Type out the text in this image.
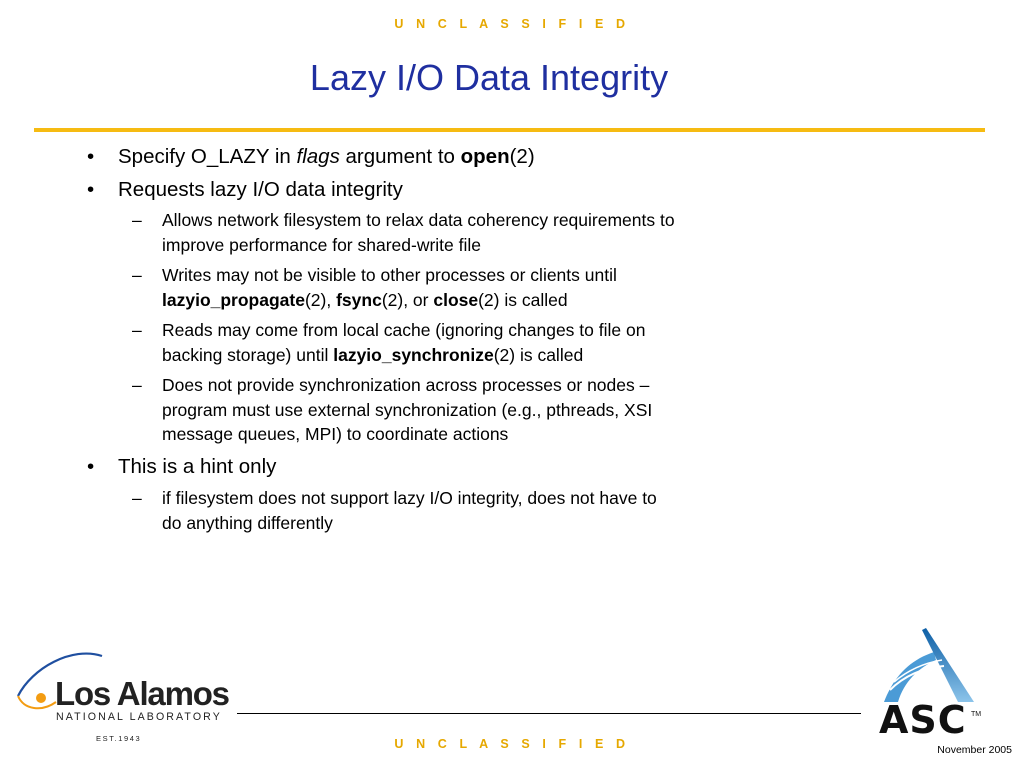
U N C L A S S I F I E D
Lazy I/O Data Integrity
• Specify O_LAZY in flags argument to open(2)
• Requests lazy I/O data integrity
– Allows network filesystem to relax data coherency requirements to
improve performance for shared-write file
– Writes may not be visible to other processes or clients until
lazyio_propagate(2), fsync(2), or close(2) is called
– Reads may come from local cache (ignoring changes to file on
backing storage) until lazyio_synchronize(2) is called
– Does not provide synchronization across processes or nodes –
program must use external synchronization (e.g., pthreads, XSI
message queues, MPI) to coordinate actions
• This is a hint only
– if filesystem does not support lazy I/O integrity, does not have to
do anything differently
Los Alamos
NATIONAL LABORATORY
EST.1943	U N C L A S S I F I E D
ASC TM
November 2005
